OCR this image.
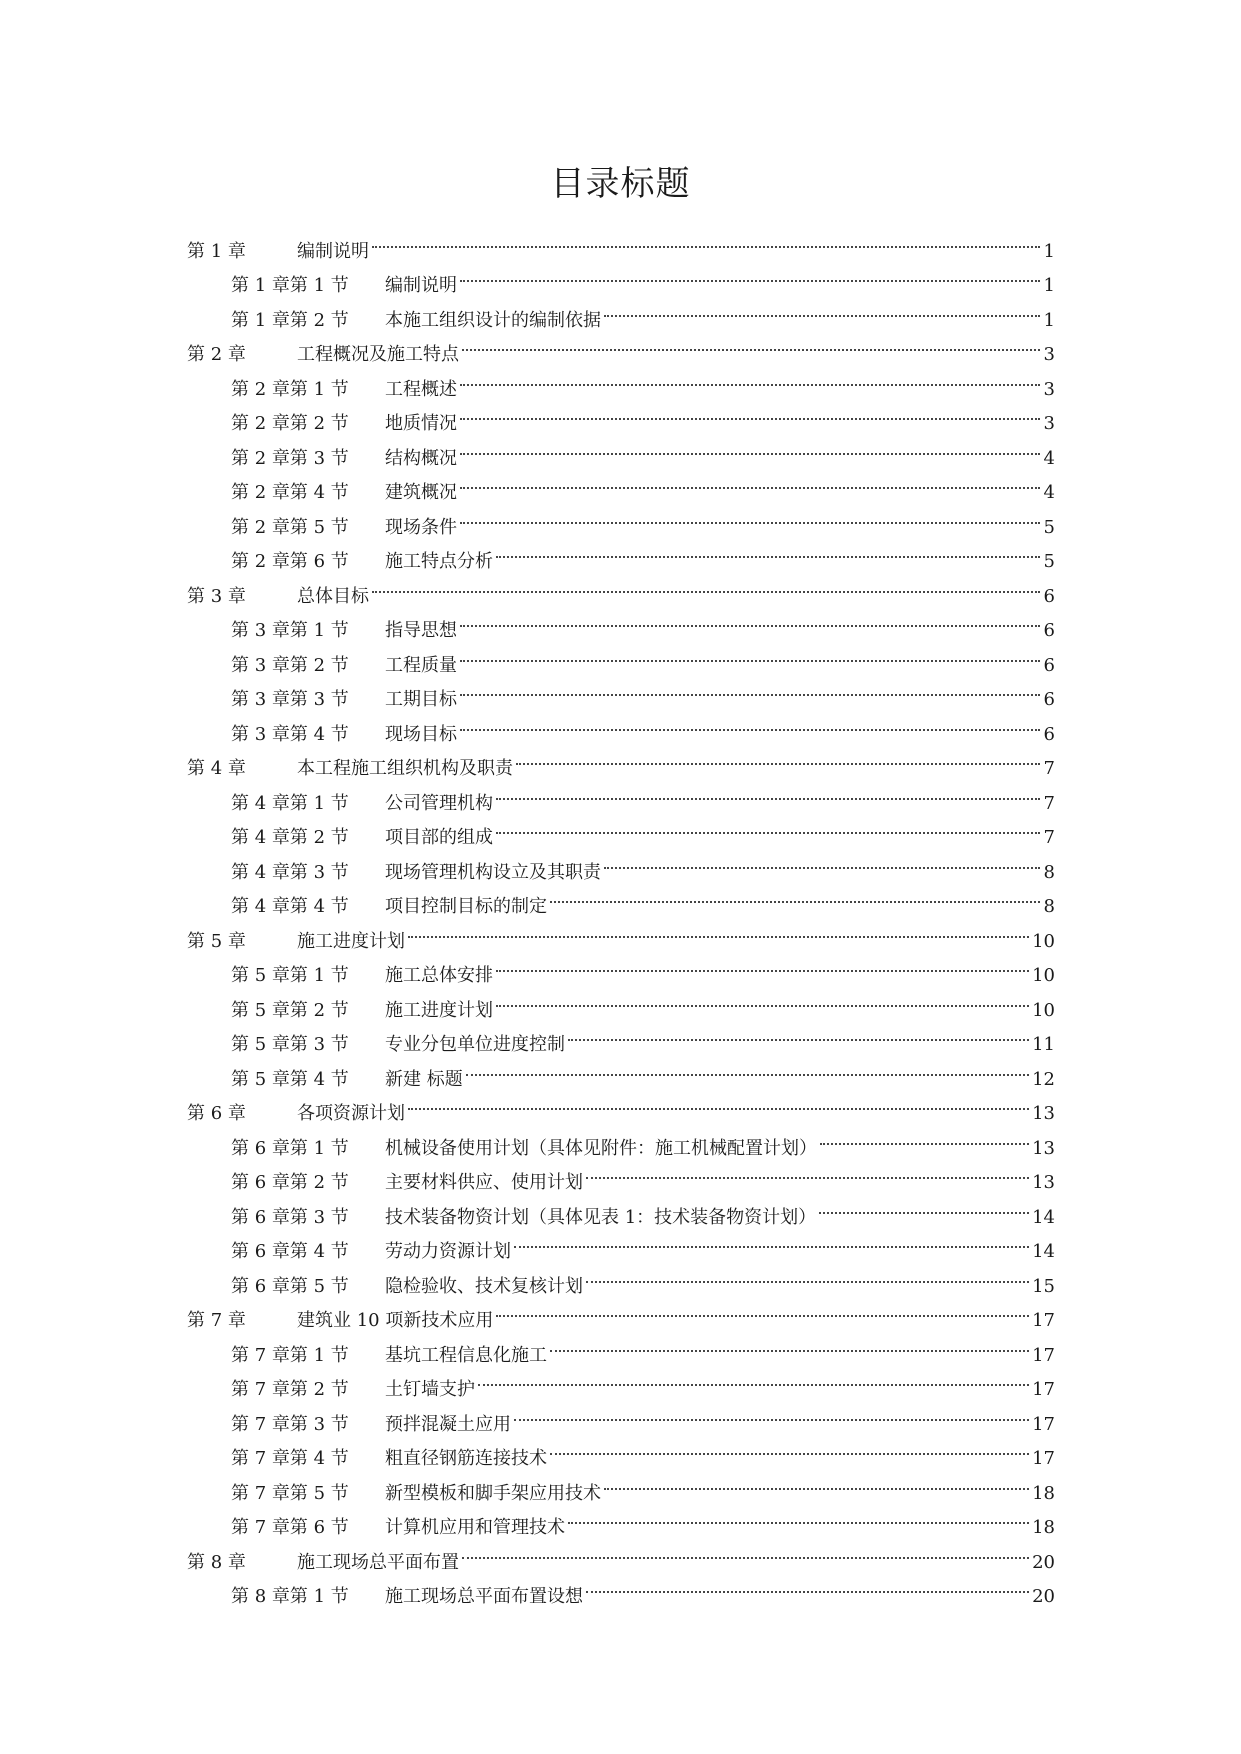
目录标题
第 1 章	编制说明	1
第 1 章第 1 节	编制说明	1
第 1 章第 2 节	本施工组织设计的编制依据	1
第 2 章	工程概况及施工特点	3
第 2 章第 1 节	工程概述	3
第 2 章第 2 节	地质情况	3
第 2 章第 3 节	结构概况	4
第 2 章第 4 节	建筑概况	4
第 2 章第 5 节	现场条件	5
第 2 章第 6 节	施工特点分析	5
第 3 章	总体目标	6
第 3 章第 1 节	指导思想	6
第 3 章第 2 节	工程质量	6
第 3 章第 3 节	工期目标	6
第 3 章第 4 节	现场目标	6
第 4 章	本工程施工组织机构及职责	7
第 4 章第 1 节	公司管理机构	7
第 4 章第 2 节	项目部的组成	7
第 4 章第 3 节	现场管理机构设立及其职责	8
第 4 章第 4 节	项目控制目标的制定	8
第 5 章	施工进度计划	10
第 5 章第 1 节	施工总体安排	10
第 5 章第 2 节	施工进度计划	10
第 5 章第 3 节	专业分包单位进度控制	11
第 5 章第 4 节	新建 标题	12
第 6 章	各项资源计划	13
第 6 章第 1 节	机械设备使用计划（具体见附件：施工机械配置计划）	13
第 6 章第 2 节	主要材料供应、使用计划	13
第 6 章第 3 节	技术装备物资计划（具体见表 1：技术装备物资计划）	14
第 6 章第 4 节	劳动力资源计划	14
第 6 章第 5 节	隐检验收、技术复核计划	15
第 7 章	建筑业 10 项新技术应用	17
第 7 章第 1 节	基坑工程信息化施工	17
第 7 章第 2 节	土钉墙支护	17
第 7 章第 3 节	预拌混凝土应用	17
第 7 章第 4 节	粗直径钢筋连接技术	17
第 7 章第 5 节	新型模板和脚手架应用技术	18
第 7 章第 6 节	计算机应用和管理技术	18
第 8 章	施工现场总平面布置	20
第 8 章第 1 节	施工现场总平面布置设想	20
